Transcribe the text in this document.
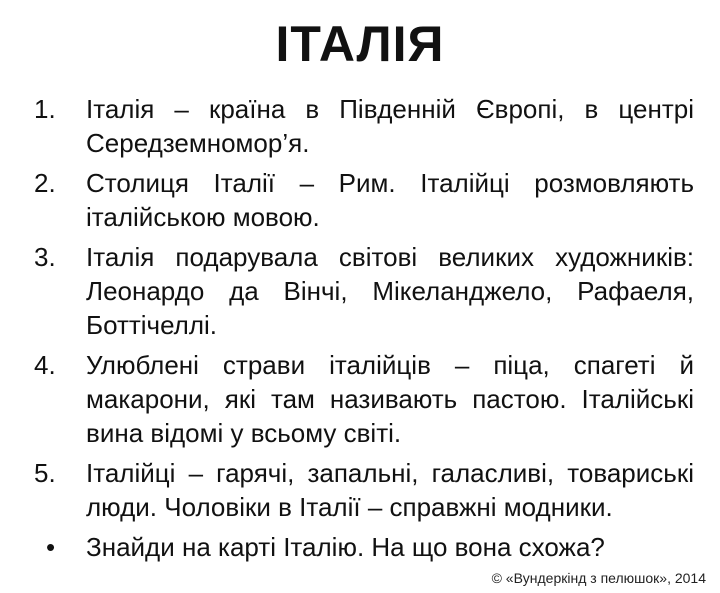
ІТАЛІЯ
1.	Італія – країна в Південній Європі, в центрі Середземномор’я.
2.	Столиця Італії – Рим. Італійці розмовляють італійською мовою.
3.	Італія подарувала світові великих художників: Леонардо да Вінчі, Мікеланджело, Рафаеля, Боттічеллі.
4.	Улюблені страви італійців – піца, спагеті й макарони, які там називають пастою. Італійські вина відомі у всьому світі.
5.	Італійці – гарячі, запальні, галасливі, товариські люди. Чоловіки в Італії – справжні модники.
•	Знайди на карті Італію. На що вона схожа?
© «Вундеркінд з пелюшок», 2014
